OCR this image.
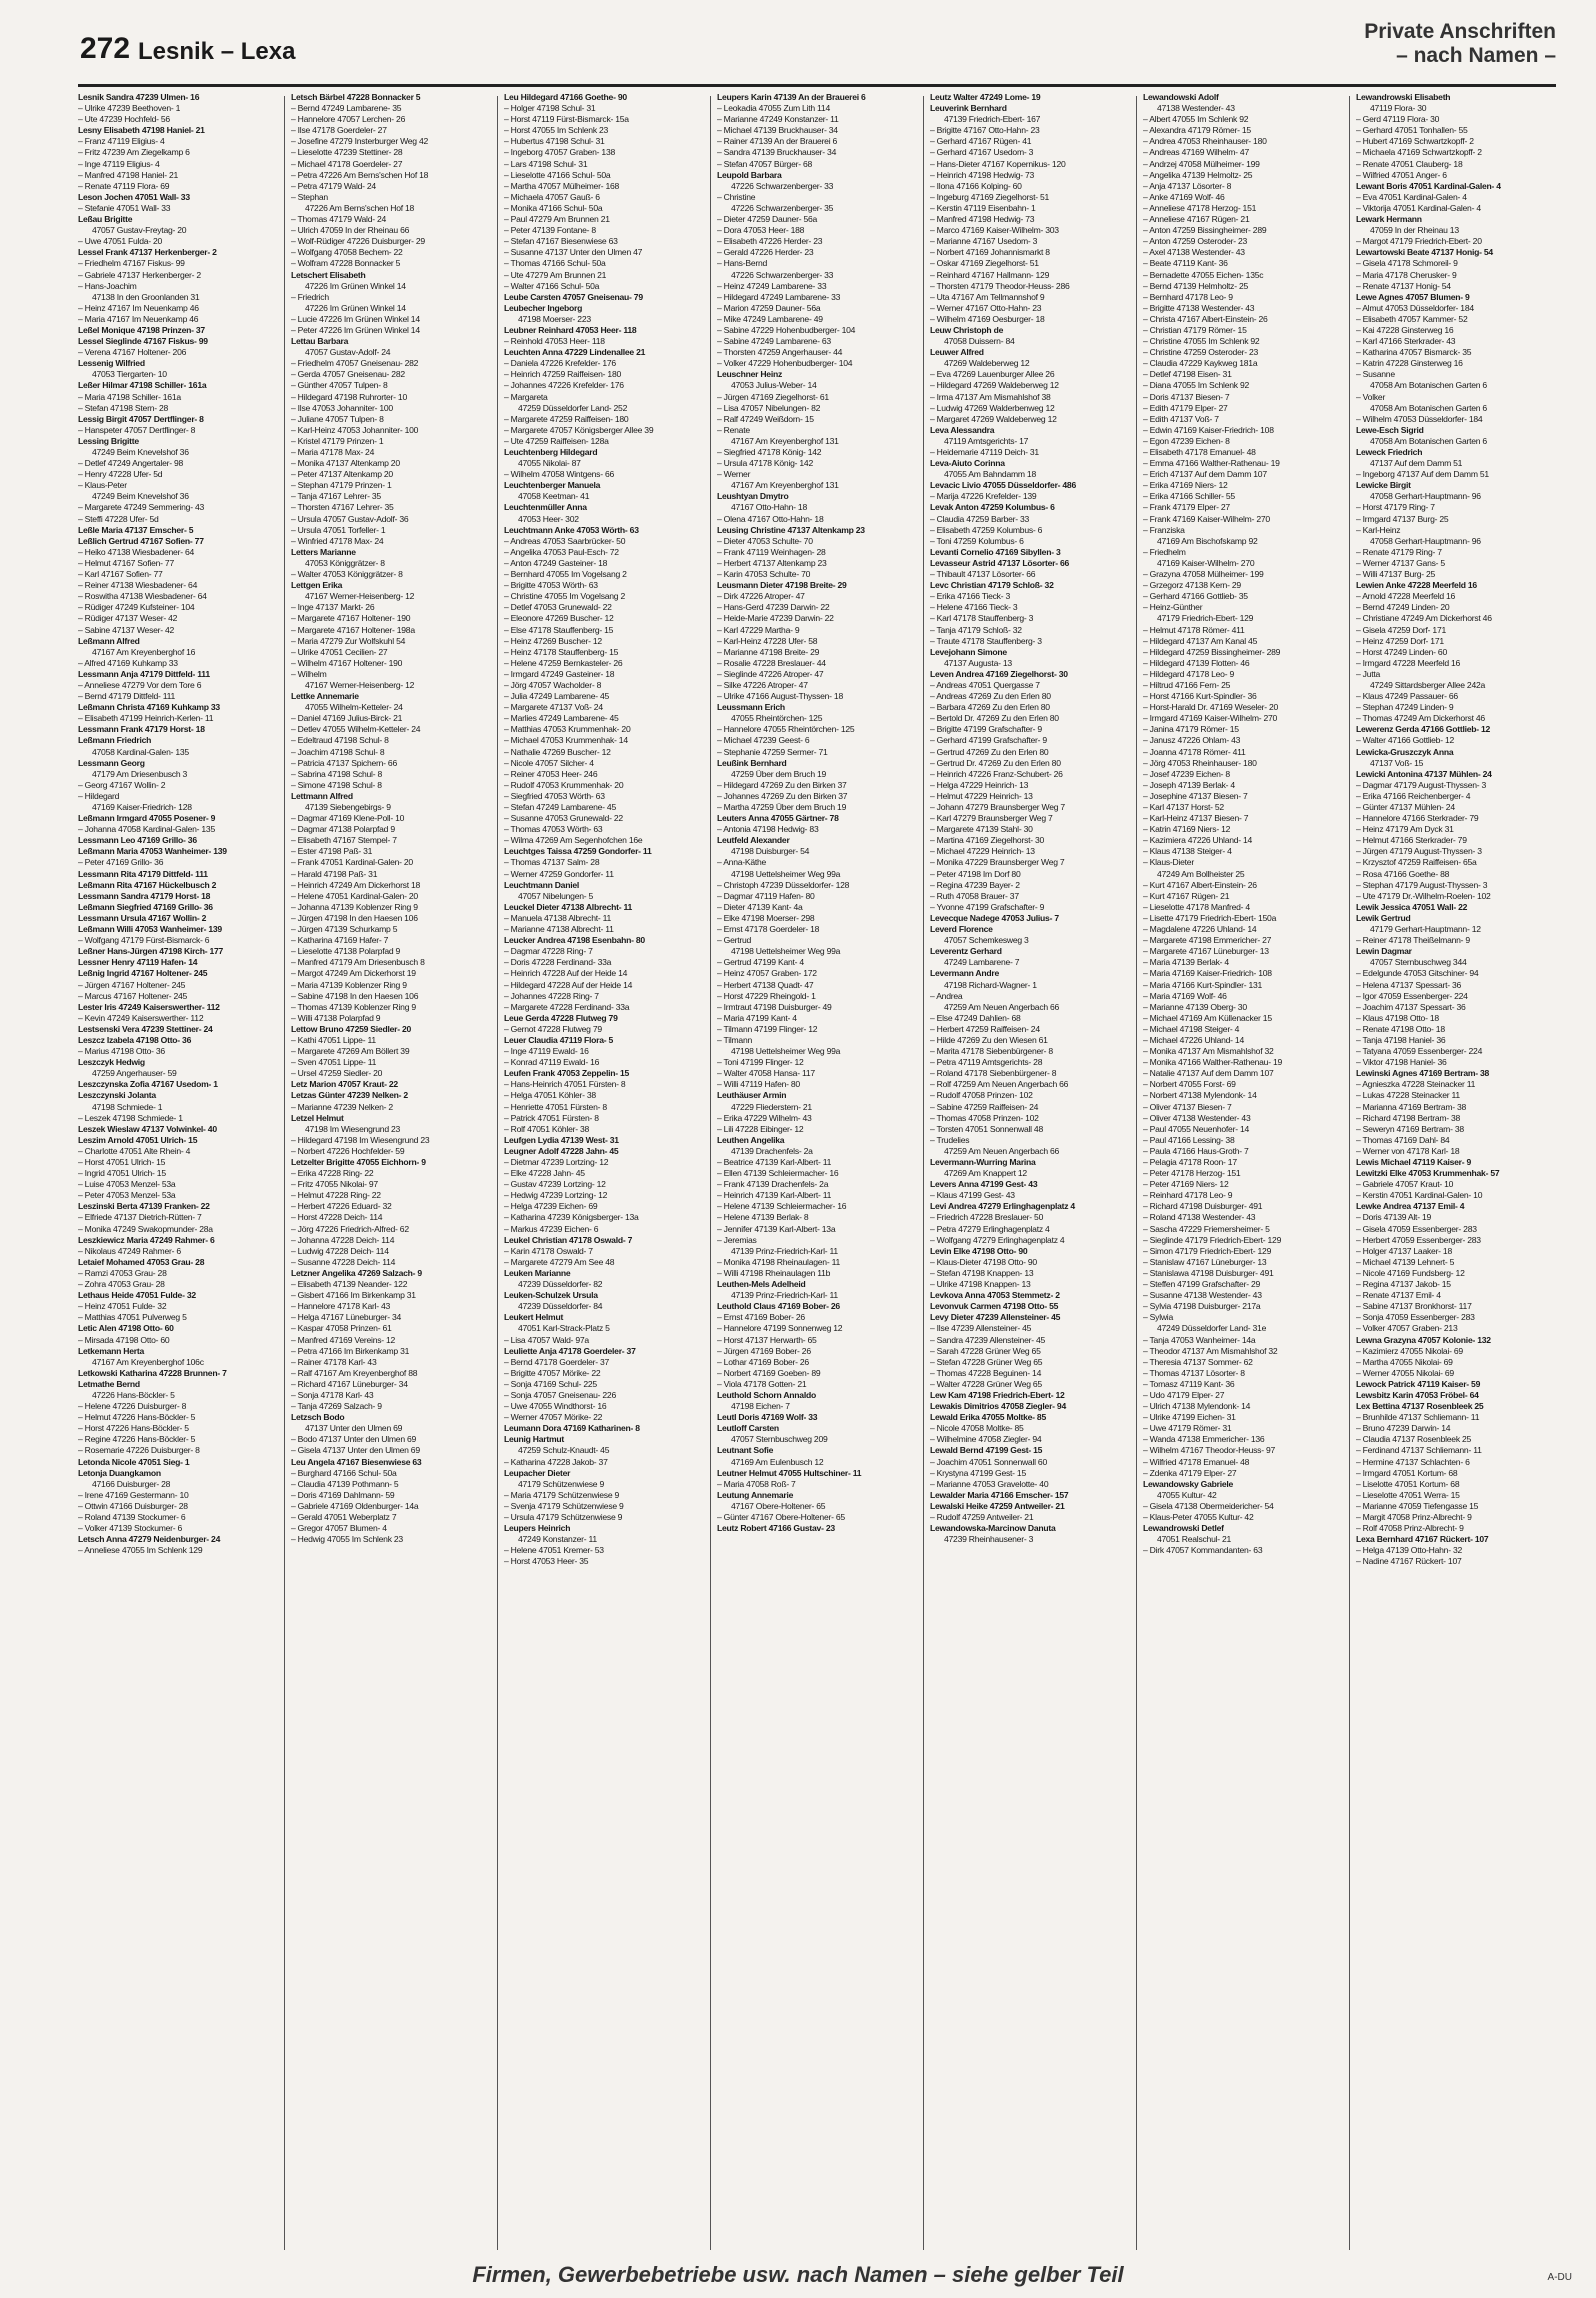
272 Lesnik – Lexa
Private Anschriften
– nach Namen –
Lesnik Sandra 47239 Ulmen- 16
– Ulrike 47239 Beethoven- 1
– Ute 47239 Hochfeld- 56
Lesny Elisabeth 47198 Haniel- 21
– Franz 47119 Eligius- 4
– Fritz 47239 Am Ziegelkamp 6
– Inge 47119 Eligius- 4
– Manfred 47198 Haniel- 21
– Renate 47119 Flora- 69
Leson Jochen 47051 Wall- 33
– Stefanie 47051 Wall- 33
Leßau Brigitte
47057 Gustav-Freytag- 20
– Uwe 47051 Fulda- 20
Lessel Frank 47137 Herkenberger- 2
– Friedhelm 47167 Fiskus- 99
– Gabriele 47137 Herkenberger- 2
– Hans-Joachim
47138 In den Groonlanden 31
– Heinz 47167 Im Neuenkamp 46
– Maria 47167 Im Neuenkamp 46
Leßel Monique 47198 Prinzen- 37
Lessel Sieglinde 47167 Fiskus- 99
– Verena 47167 Holtener- 206
Lessenig Wilfried
47053 Tiergarten- 10
Leßer Hilmar 47198 Schiller- 161a
– Maria 47198 Schiller- 161a
– Stefan 47198 Stern- 28
Lessig Birgit 47057 Dertflinger- 8
– Hanspeter 47057 Dertflinger- 8
Lessing Brigitte
47249 Beim Knevelshof 36
– Detlef 47249 Angertaler- 98
– Henry 47228 Ufer- 5d
– Klaus-Peter
47249 Beim Knevelshof 36
– Margarete 47249 Semmering- 43
– Steffi 47228 Ufer- 5d
Leßle Maria 47137 Emscher- 5
Leßlich Gertrud 47167 Sofien- 77
– Heiko 47138 Wiesbadener- 64
– Helmut 47167 Sofien- 77
– Karl 47167 Sofien- 77
– Reiner 47138 Wiesbadener- 64
– Roswitha 47138 Wiesbadener- 64
– Rüdiger 47249 Kufsteiner- 104
– Rüdiger 47137 Weser- 42
– Sabine 47137 Weser- 42
Leßmann Alfred
47167 Am Kreyenberghof 16
– Alfred 47169 Kuhkamp 33
Lessmann Anja 47179 Dittfeld- 111
– Anneliese 47279 Vor dem Tore 6
– Bernd 47179 Dittfeld- 111
Leßmann Christa 47169 Kuhkamp 33
– Elisabeth 47199 Heinrich-Kerlen- 11
Lessmann Frank 47179 Horst- 18
Leßmann Friedrich
47058 Kardinal-Galen- 135
Lessmann Georg
47179 Am Driesenbusch 3
– Georg 47167 Wollin- 2
– Hildegard
47169 Kaiser-Friedrich- 128
Leßmann Irmgard 47055 Posener- 9
– Johanna 47058 Kardinal-Galen- 135
Lessmann Leo 47169 Grillo- 36
Leßmann Maria 47053 Wanheimer- 139
– Peter 47169 Grillo- 36
Lessmann Rita 47179 Dittfeld- 111
Leßmann Rita 47167 Hückelbusch 2
Lessmann Sandra 47179 Horst- 18
Leßmann Siegfried 47169 Grillo- 36
Lessmann Ursula 47167 Wollin- 2
Leßmann Willi 47053 Wanheimer- 139
– Wolfgang 47179 Fürst-Bismarck- 6
Leßner Hans-Jürgen 47198 Kirch- 177
Lessner Henry 47119 Hafen- 14
Leßnig Ingrid 47167 Holtener- 245
– Jürgen 47167 Holtener- 245
– Marcus 47167 Holtener- 245
Lester Iris 47249 Kaiserswerther- 112
– Kevin 47249 Kaiserswerther- 112
Lestsenski Vera 47239 Stettiner- 24
Leszcz Izabela 47198 Otto- 36
– Marius 47198 Otto- 36
Leszczyk Hedwig
47259 Angerhauser- 59
Leszczynska Zofia 47167 Usedom- 1
Leszczynski Jolanta
47198 Schmiede- 1
– Leszek 47198 Schmiede- 1
Leszek Wieslaw 47137 Volwinkel- 40
Leszim Arnold 47051 Ulrich- 15
– Charlotte 47051 Alte Rhein- 4
– Horst 47051 Ulrich- 15
– Ingrid 47051 Ulrich- 15
– Luise 47053 Menzel- 53a
– Peter 47053 Menzel- 53a
Leszinski Berta 47139 Franken- 22
– Elfriede 47137 Dietrich-Rütten- 7
– Monika 47249 Swakopmunder- 28a
Leszkiewicz Maria 47249 Rahmer- 6
– Nikolaus 47249 Rahmer- 6
Letaief Mohamed 47053 Grau- 28
– Ramzi 47053 Grau- 28
– Zohra 47053 Grau- 28
Lethaus Heide 47051 Fulde- 32
– Heinz 47051 Fulde- 32
– Matthias 47051 Pulverweg 5
Letic Alen 47198 Otto- 60
– Mirsada 47198 Otto- 60
Letkemann Herta
47167 Am Kreyenberghof 106c
Letkowski Katharina 47228 Brunnen- 7
Letmathe Bernd
47226 Hans-Böckler- 5
– Helene 47226 Duisburger- 8
– Helmut 47226 Hans-Böckler- 5
– Horst 47226 Hans-Böckler- 5
– Regine 47226 Hans-Böckler- 5
– Rosemarie 47226 Duisburger- 8
Letonda Nicole 47051 Sieg- 1
Letonja Duangkamon
47166 Duisburger- 28
– Irene 47169 Gestermann- 10
– Ottwin 47166 Duisburger- 28
– Roland 47139 Stockumer- 6
– Volker 47139 Stockumer- 6
Letsch Anna 47279 Neidenburger- 24
– Anneliese 47055 Im Schlenk 129
Letsch Bärbel 47228 Bonnacker 5
– Bernd 47249 Lambarene- 35
– Hannelore 47057 Lerchen- 26
– Ilse 47178 Goerdeler- 27
– Josefine 47279 Insterburger Weg 42
– Lieselotte 47239 Stettiner- 28
– Michael 47178 Goerdeler- 27
– Petra 47226 Am Berns'schen Hof 18
– Petra 47179 Wald- 24
– Stephan
47226 Am Berns'schen Hof 18
– Thomas 47179 Wald- 24
– Ulrich 47059 In der Rheinau 66
– Wolf-Rüdiger 47226 Duisburger- 29
– Wolfgang 47058 Bechem- 22
– Wolfram 47228 Bonnacker 5
Letschert Elisabeth
47226 Im Grünen Winkel 14
– Friedrich
47226 Im Grünen Winkel 14
– Lucie 47226 Im Grünen Winkel 14
– Peter 47226 Im Grünen Winkel 14
Lettau Barbara
47057 Gustav-Adolf- 24
– Friedhelm 47057 Gneisenau- 282
– Gerda 47057 Gneisenau- 282
– Günther 47057 Tulpen- 8
– Hildegard 47198 Ruhrorter- 10
– Ilse 47053 Johanniter- 100
– Juliane 47057 Tulpen- 8
– Karl-Heinz 47053 Johanniter- 100
– Kristel 47179 Prinzen- 1
– Maria 47178 Max- 24
– Monika 47137 Altenkamp 20
– Peter 47137 Altenkamp 20
– Stephan 47179 Prinzen- 1
– Tanja 47167 Lehrer- 35
– Thorsten 47167 Lehrer- 35
– Ursula 47057 Gustav-Adolf- 36
– Ursula 47051 Torfeller- 1
– Winfried 47178 Max- 24
Letters Marianne
47053 Königgrätzer- 8
– Walter 47053 Königgrätzer- 8
Lettgen Erika
47167 Werner-Heisenberg- 12
– Inge 47137 Markt- 26
– Margarete 47167 Holtener- 190
– Margarete 47167 Holtener- 198a
– Maria 47279 Zur Wolfskuhl 54
– Ulrike 47051 Cecilien- 27
– Wilhelm 47167 Holtener- 190
– Wilhelm
47167 Werner-Heisenberg- 12
Lettke Annemarie
47055 Wilhelm-Ketteler- 24
– Daniel 47169 Julius-Birck- 21
– Detlev 47055 Wilhelm-Ketteler- 24
– Edeltraud 47198 Schul- 8
– Joachim 47198 Schul- 8
– Patricia 47137 Spichern- 66
– Sabrina 47198 Schul- 8
– Simone 47198 Schul- 8
Lettmann Alfred
47139 Siebengebirgs- 9
– Dagmar 47169 Klene-Poll- 10
– Dagmar 47138 Polarpfad 9
– Elisabeth 47167 Stempel- 7
– Ester 47198 Paß- 31
– Frank 47051 Kardinal-Galen- 20
– Harald 47198 Paß- 31
– Heinrich 47249 Am Dickerhorst 18
– Helene 47051 Kardinal-Galen- 20
– Johanna 47139 Koblenzer Ring 9
– Jürgen 47198 In den Haesen 106
– Jürgen 47139 Schurkamp 5
– Katharina 47169 Hafer- 7
– Lieselotte 47138 Polarpfad 9
– Manfred 47179 Am Driesenbusch 8
– Margot 47249 Am Dickerhorst 19
– Maria 47139 Koblenzer Ring 9
– Sabine 47198 In den Haesen 106
– Thomas 47139 Koblenzer Ring 9
– Willi 47138 Polarpfad 9
Lettow Bruno 47259 Siedler- 20
– Kathi 47051 Lippe- 11
– Margarete 47269 Am Böllert 39
– Sven 47051 Lippe- 11
– Ursel 47259 Siedler- 20
Letz Marion 47057 Kraut- 22
Letzas Günter 47239 Nelken- 2
– Marianne 47239 Nelken- 2
Letzel Helmut
47198 Im Wiesengrund 23
– Hildegard 47198 Im Wiesengrund 23
– Norbert 47226 Hochfelder- 59
Letzelter Brigitte 47055 Eichhorn- 9
– Erika 47228 Ring- 22
– Fritz 47055 Nikolai- 97
– Helmut 47228 Ring- 22
– Herbert 47226 Eduard- 32
– Horst 47228 Deich- 114
– Jörg 47226 Friedrich-Alfred- 62
– Johanna 47228 Deich- 114
– Ludwig 47228 Deich- 114
– Susanne 47228 Deich- 114
Letzner Angelika 47269 Salzach- 9
– Elisabeth 47139 Neander- 122
– Gisbert 47166 Im Birkenkamp 31
– Hannelore 47178 Karl- 43
– Helga 47167 Lüneburger- 34
– Kaspar 47058 Prinzen- 61
– Manfred 47169 Vereins- 12
– Petra 47166 Im Birkenkamp 31
– Rainer 47178 Karl- 43
– Ralf 47167 Am Kreyenberghof 88
– Richard 47167 Lüneburger- 34
– Sonja 47178 Karl- 43
– Tanja 47269 Salzach- 9
Letzsch Bodo
47137 Unter den Ulmen 69
– Bodo 47137 Unter den Ulmen 69
– Gisela 47137 Unter den Ulmen 69
Leu Angela 47167 Biesenwiese 63
– Burghard 47166 Schul- 50a
– Claudia 47139 Pothmann- 5
– Doris 47169 Dahlmann- 59
– Gabriele 47169 Oldenburger- 14a
– Gerald 47051 Weberplatz 7
– Gregor 47057 Blumen- 4
– Hedwig 47055 Im Schlenk 23
Leu Hildegard 47166 Goethe- 90
– Holger 47198 Schul- 31
– Horst 47119 Fürst-Bismarck- 15a
– Horst 47055 Im Schlenk 23
– Hubertus 47198 Schul- 31
– Ingeborg 47057 Graben- 138
– Lars 47198 Schul- 31
– Lieselotte 47166 Schul- 50a
– Martha 47057 Mülheimer- 168
– Michaela 47057 Gauß- 6
– Monika 47166 Schul- 50a
– Paul 47279 Am Brunnen 21
– Peter 47139 Fontane- 8
– Stefan 47167 Biesenwiese 63
– Susanne 47137 Unter den Ulmen 47
– Thomas 47166 Schul- 50a
– Ute 47279 Am Brunnen 21
– Walter 47166 Schul- 50a
Leube Carsten 47057 Gneisenau- 79
Leubecher Ingeborg
47198 Moerser- 223
Leubner Reinhard 47053 Heer- 118
– Reinhold 47053 Heer- 118
Leuchten Anna 47229 Lindenallee 21
– Daniela 47226 Krefelder- 176
– Heinrich 47259 Raiffeisen- 180
– Johannes 47226 Krefelder- 176
– Margareta
47259 Düsseldorfer Land- 252
– Margarete 47259 Raiffeisen- 180
– Margarete 47057 Königsberger Allee 39
– Ute 47259 Raiffeisen- 128a
Leuchtenberg Hildegard
47055 Nikolai- 87
– Wilhelm 47058 Wintgens- 66
Leuchtenberger Manuela
47058 Keetman- 41
Leuchtenmüller Anna
47053 Heer- 302
Leuchtmann Anke 47053 Wörth- 63
– Andreas 47053 Saarbrücker- 50
– Angelika 47053 Paul-Esch- 72
– Anton 47249 Gasteiner- 18
– Bernhard 47055 Im Vogelsang 2
– Brigitte 47053 Wörth- 63
– Christine 47055 Im Vogelsang 2
– Detlef 47053 Grunewald- 22
– Eleonore 47269 Buscher- 12
– Else 47178 Stauffenberg- 15
– Heinz 47269 Buscher- 12
– Heinz 47178 Stauffenberg- 15
– Helene 47259 Bernkasteler- 26
– Irmgard 47249 Gasteiner- 18
– Jörg 47057 Wacholder- 8
– Julia 47249 Lambarene- 45
– Margarete 47137 Voß- 24
– Marlies 47249 Lambarene- 45
– Matthias 47053 Krummenhak- 20
– Michael 47053 Krummenhak- 14
– Nathalie 47269 Buscher- 12
– Nicole 47057 Silcher- 4
– Reiner 47053 Heer- 246
– Rudolf 47053 Krummenhak- 20
– Siegfried 47053 Wörth- 63
– Stefan 47249 Lambarene- 45
– Susanne 47053 Grunewald- 22
– Thomas 47053 Wörth- 63
– Wilma 47269 Am Segenhofchen 16e
Leuchtges Taissa 47259 Gondorfer- 11
– Thomas 47137 Salm- 28
– Werner 47259 Gondorfer- 11
Leuchtmann Daniel
47057 Nibelungen- 5
Leuckel Dieter 47138 Albrecht- 11
– Manuela 47138 Albrecht- 11
– Marianne 47138 Albrecht- 11
Leucker Andrea 47198 Esenbahn- 80
– Dagmar 47228 Ring- 7
– Doris 47228 Ferdinand- 33a
– Heinrich 47228 Auf der Heide 14
– Hildegard 47228 Auf der Heide 14
– Johannes 47228 Ring- 7
– Margarete 47228 Ferdinand- 33a
Leue Gerda 47228 Flutweg 79
– Gernot 47228 Flutweg 79
Leuer Claudia 47119 Flora- 5
– Inge 47119 Ewald- 16
– Konrad 47119 Ewald- 16
Leufen Frank 47053 Zeppelin- 15
– Hans-Heinrich 47051 Fürsten- 8
– Helga 47051 Köhler- 38
– Henriette 47051 Fürsten- 8
– Patrick 47051 Fürsten- 8
– Rolf 47051 Köhler- 38
Leufgen Lydia 47139 West- 31
Leugner Adolf 47228 Jahn- 45
– Dietmar 47239 Lortzing- 12
– Elke 47228 Jahn- 45
– Gustav 47239 Lortzing- 12
– Hedwig 47239 Lortzing- 12
– Helga 47239 Eichen- 69
– Katharina 47239 Königsberger- 13a
– Markus 47239 Eichen- 6
Leukel Christian 47178 Oswald- 7
– Karin 47178 Oswald- 7
– Margarete 47279 Am See 48
Leuken Marianne
47239 Düsseldorfer- 82
Leuken-Schulzek Ursula
47239 Düsseldorfer- 84
Leukert Helmut
47051 Karl-Strack-Platz 5
– Lisa 47057 Wald- 97a
Leuliette Anja 47178 Goerdeler- 37
– Bernd 47178 Goerdeler- 37
– Brigitte 47057 Mörike- 22
– Sonja 47169 Schul- 225
– Sonja 47057 Gneisenau- 226
– Uwe 47055 Windthorst- 16
– Werner 47057 Mörike- 22
Leumann Dora 47169 Katharinen- 8
Leunig Hartmut
47259 Schulz-Knaudt- 45
– Katharina 47228 Jakob- 37
Leupacher Dieter
47179 Schützenwiese 9
– Maria 47179 Schützenwiese 9
– Svenja 47179 Schützenwiese 9
– Ursula 47179 Schützenwiese 9
Leupers Heinrich
47249 Konstanzer- 11
– Helene 47051 Kremer- 53
– Horst 47053 Heer- 35
Leupers Karin 47139 An der Brauerei 6
– Leokadia 47055 Zum Lith 114
– Marianne 47249 Konstanzer- 11
– Michael 47139 Bruckhauser- 34
– Rainer 47139 An der Brauerei 6
– Sandra 47139 Bruckhauser- 34
– Stefan 47057 Bürger- 68
Leupold Barbara
47226 Schwarzenberger- 33
– Christine
47226 Schwarzenberger- 35
– Dieter 47259 Dauner- 56a
– Dora 47053 Heer- 188
– Elisabeth 47226 Herder- 23
– Gerald 47226 Herder- 23
– Hans-Bernd
47226 Schwarzenberger- 33
– Heinz 47249 Lambarene- 33
– Hildegard 47249 Lambarene- 33
– Marion 47259 Dauner- 56a
– Mike 47249 Lambarene- 49
– Sabine 47229 Hohenbudberger- 104
– Sabine 47249 Lambarene- 63
– Thorsten 47259 Angerhauser- 44
– Volker 47229 Hohenbudberger- 104
Leuschner Heinz
47053 Julius-Weber- 14
– Jürgen 47169 Ziegelhorst- 61
– Lisa 47057 Nibelungen- 82
– Ralf 47249 Weißdorn- 15
– Renate
47167 Am Kreyenberghof 131
– Siegfried 47178 König- 142
– Ursula 47178 König- 142
– Werner
47167 Am Kreyenberghof 131
Leushtyan Dmytro
47167 Otto-Hahn- 18
– Olena 47167 Otto-Hahn- 18
Leusing Christine 47137 Altenkamp 23
– Dieter 47053 Schulte- 70
– Frank 47119 Weinhagen- 28
– Herbert 47137 Altenkamp 23
– Karin 47053 Schulte- 70
Leusmann Dieter 47198 Breite- 29
– Dirk 47226 Atroper- 47
– Hans-Gerd 47239 Darwin- 22
– Heide-Marie 47239 Darwin- 22
– Karl 47229 Martha- 9
– Karl-Heinz 47228 Ufer- 58
– Marianne 47198 Breite- 29
– Rosalie 47228 Breslauer- 44
– Sieglinde 47226 Atroper- 47
– Silke 47226 Atroper- 47
– Ulrike 47166 August-Thyssen- 18
Leussmann Erich
47055 Rheintörchen- 125
– Hannelore 47055 Rheintörchen- 125
– Michael 47239 Geest- 6
– Stephanie 47259 Sermer- 71
Leußink Bernhard
47259 Über dem Bruch 19
– Hildegard 47269 Zu den Birken 37
– Johannes 47269 Zu den Birken 37
– Martha 47259 Über dem Bruch 19
Leuters Anna 47055 Gärtner- 78
– Antonia 47198 Hedwig- 83
Leutfeld Alexander
47198 Duisburger- 54
– Anna-Käthe
47198 Uettelsheimer Weg 99a
– Christoph 47239 Düsseldorfer- 128
– Dagmar 47119 Hafen- 80
– Dieter 47139 Kant- 4a
– Elke 47198 Moerser- 298
– Ernst 47178 Goerdeler- 18
– Gertrud
47198 Uettelsheimer Weg 99a
– Gertrud 47199 Kant- 4
– Heinz 47057 Graben- 172
– Herbert 47138 Quadt- 47
– Horst 47229 Rheingold- 1
– Irmtraut 47198 Duisburger- 49
– Maria 47199 Kant- 4
– Tilmann 47199 Flinger- 12
– Tilmann
47198 Uettelsheimer Weg 99a
– Toni 47199 Flinger- 12
– Walter 47058 Hansa- 117
– Willi 47119 Hafen- 80
Leuthäuser Armin
47229 Fliederstern- 21
– Erika 47229 Wilhelm- 43
– Lili 47228 Eibinger- 12
Leuthen Angelika
47139 Drachenfels- 2a
– Beatrice 47139 Karl-Albert- 11
– Ellen 47139 Schleiermacher- 16
– Frank 47139 Drachenfels- 2a
– Heinrich 47139 Karl-Albert- 11
– Helene 47139 Schleiermacher- 16
– Helene 47139 Berlak- 8
– Jennifer 47139 Karl-Albert- 13a
– Jeremias
47139 Prinz-Friedrich-Karl- 11
– Monika 47198 Rheinaulagen- 11
– Willi 47198 Rheinaulagen 11b
Leuthen-Mels Adelheid
47139 Prinz-Friedrich-Karl- 11
Leuthold Claus 47169 Bober- 26
– Ernst 47169 Bober- 26
– Hannelore 47199 Sonnenweg 12
– Horst 47137 Herwarth- 65
– Jürgen 47169 Bober- 26
– Lothar 47169 Bober- 26
– Norbert 47169 Goeben- 89
– Viola 47178 Gotten- 21
Leuthold Schorn Annaldo
47198 Eichen- 7
Leutl Doris 47169 Wolf- 33
Leutloff Carsten
47057 Sternbuschweg 209
Leutnant Sofie
47169 Am Eulenbusch 12
Leutner Helmut 47055 Hultschiner- 11
– Maria 47058 Roß- 7
Leutung Annemarie
47167 Obere-Holtener- 65
– Günter 47167 Obere-Holtener- 65
Leutz Robert 47166 Gustav- 23
Leutz Walter 47249 Lome- 19
Leuverink Bernhard
47139 Friedrich-Ebert- 167
– Brigitte 47167 Otto-Hahn- 23
– Gerhard 47167 Rügen- 41
– Gerhard 47167 Usedom- 3
– Hans-Dieter 47167 Kopernikus- 120
– Heinrich 47198 Hedwig- 73
– Ilona 47166 Kolping- 60
– Ingeburg 47169 Ziegelhorst- 51
– Kerstin 47119 Eisenbahn- 1
– Manfred 47198 Hedwig- 73
– Marco 47169 Kaiser-Wilhelm- 303
– Marianne 47167 Usedom- 3
– Norbert 47169 Johannismarkt 8
– Oskar 47169 Ziegelhorst- 51
– Reinhard 47167 Hallmann- 129
– Thorsten 47179 Theodor-Heuss- 286
– Uta 47167 Am Tellmannshof 9
– Werner 47167 Otto-Hahn- 23
– Wilhelm 47169 Oesburger- 18
Leuw Christoph de
47058 Duissern- 84
Leuwer Alfred
47269 Waldeberweg 12
– Eva 47269 Lauenburger Allee 26
– Hildegard 47269 Waldeberweg 12
– Irma 47137 Am Mismahlshof 38
– Ludwig 47269 Walderbenweg 12
– Margaret 47269 Waldeberweg 12
Leva Alessandra
47119 Amtsgerichts- 17
– Heidemarie 47119 Deich- 31
Leva-Aiuto Corinna
47055 Am Bahndamm 18
Levacic Livio 47055 Düsseldorfer- 486
– Marija 47226 Krefelder- 139
Levak Anton 47259 Kolumbus- 6
– Claudia 47259 Barber- 33
– Elisabeth 47259 Kolumbus- 6
– Toni 47259 Kolumbus- 6
Levanti Cornelio 47169 Sibyllen- 3
Levasseur Astrid 47137 Lösorter- 66
– Thibault 47137 Lösorter- 66
Levc Christian 47179 Schloß- 32
– Erika 47166 Tieck- 3
– Helene 47166 Tieck- 3
– Karl 47178 Stauffenberg- 3
– Tanja 47179 Schloß- 32
– Traute 47178 Stauffenberg- 3
Levejohann Simone
47137 Augusta- 13
Leven Andrea 47169 Ziegelhorst- 30
– Andreas 47051 Quergasse 7
– Andreas 47269 Zu den Erlen 80
– Barbara 47269 Zu den Erlen 80
– Bertold Dr. 47269 Zu den Erlen 80
– Brigitte 47199 Grafschafter- 9
– Gerhard 47199 Grafschafter- 9
– Gertrud 47269 Zu den Erlen 80
– Gertrud Dr. 47269 Zu den Erlen 80
– Heinrich 47226 Franz-Schubert- 26
– Helga 47229 Heinrich- 13
– Helmut 47229 Heinrich- 13
– Johann 47279 Braunsberger Weg 7
– Karl 47279 Braunsberger Weg 7
– Margarete 47139 Stahl- 30
– Martina 47169 Ziegelhorst- 30
– Michael 47229 Heinrich- 13
– Monika 47229 Braunsberger Weg 7
– Peter 47198 Im Dorf 80
– Regina 47239 Bayer- 2
– Ruth 47058 Brauer- 37
– Yvonne 47199 Grafschafter- 9
Levecque Nadege 47053 Julius- 7
Leverd Florence
47057 Schemkesweg 3
Leverentz Gerhard
47249 Lambarene- 7
Levermann Andre
47198 Richard-Wagner- 1
– Andrea
47259 Am Neuen Angerbach 66
– Else 47249 Dahlien- 68
– Herbert 47259 Raiffeisen- 24
– Hilde 47269 Zu den Wiesen 61
– Marita 47178 Siebenbürgener- 8
– Petra 47119 Amtsgerichts- 28
– Roland 47178 Siebenbürgener- 8
– Rolf 47259 Am Neuen Angerbach 66
– Rudolf 47058 Prinzen- 102
– Sabine 47259 Raiffeisen- 24
– Thomas 47058 Prinzen- 102
– Torsten 47051 Sonnenwall 48
– Trudelies
47259 Am Neuen Angerbach 66
Levermann-Wurring Marina
47269 Am Knappert 12
Levers Anna 47199 Gest- 43
– Klaus 47199 Gest- 43
Levi Andrea 47279 Erlinghagenplatz 4
– Friedrich 47228 Breslauer- 50
– Petra 47279 Erlinghagenplatz 4
– Wolfgang 47279 Erlinghagenplatz 4
Levin Elke 47198 Otto- 90
– Klaus-Dieter 47198 Otto- 90
– Stefan 47198 Knappen- 13
– Ulrike 47198 Knappen- 13
Levkova Anna 47053 Stemmetz- 2
Levonvuk Carmen 47198 Otto- 55
Levy Dieter 47239 Allensteiner- 45
– Ilse 47239 Allensteiner- 45
– Sandra 47239 Allensteiner- 45
– Sarah 47228 Grüner Weg 65
– Stefan 47228 Grüner Weg 65
– Thomas 47228 Beguinen- 14
– Walter 47228 Grüner Weg 65
Lew Kam 47198 Friedrich-Ebert- 12
Lewakis Dimitrios 47058 Ziegler- 94
Lewald Erika 47055 Moltke- 85
– Nicole 47058 Moltke- 85
– Wilhelmine 47058 Ziegler- 94
Lewald Bernd 47199 Gest- 15
– Joachim 47051 Sonnenwall 60
– Krystyna 47199 Gest- 15
– Marianne 47053 Gravelotte- 40
Lewalder Maria 47166 Emscher- 157
Lewalski Heike 47259 Antweiler- 21
– Rudolf 47259 Antweiler- 21
Lewandowska-Marcinow Danuta
47239 Rheinhausener- 3
Lewandowski Adolf
47138 Westender- 43
– Albert 47055 Im Schlenk 92
– Alexandra 47179 Römer- 15
– Andrea 47053 Rheinhauser- 180
– Andreas 47169 Wilhelm- 47
– Andrzej 47058 Mülheimer- 199
– Angelika 47139 Helmoltz- 25
– Anja 47137 Lösorter- 8
– Anke 47169 Wolf- 46
– Anneliese 47178 Herzog- 151
– Anneliese 47167 Rügen- 21
– Anton 47259 Bissingheimer- 289
– Anton 47259 Osteroder- 23
– Axel 47138 Westender- 43
– Beate 47119 Kant- 36
– Bernadette 47055 Eichen- 135c
– Bernd 47139 Helmholtz- 25
– Bernhard 47178 Leo- 9
– Brigitte 47138 Westender- 43
– Christa 47167 Albert-Einstein- 26
– Christian 47179 Römer- 15
– Christine 47055 Im Schlenk 92
– Christine 47259 Osteroder- 23
– Claudia 47229 Kaykweg 181a
– Detlef 47198 Eisen- 31
– Diana 47055 Im Schlenk 92
– Doris 47137 Biesen- 7
– Edith 47179 Elper- 27
– Edith 47137 Voß- 7
– Edwin 47169 Kaiser-Friedrich- 108
– Egon 47239 Eichen- 8
– Elisabeth 47178 Emanuel- 48
– Emma 47166 Walther-Rathenau- 19
– Erich 47137 Auf dem Damm 107
– Erika 47169 Niers- 12
– Erika 47166 Schiller- 55
– Frank 47179 Elper- 27
– Frank 47169 Kaiser-Wilhelm- 270
– Franziska
47169 Am Bischofskamp 92
– Friedhelm
47169 Kaiser-Wilhelm- 270
– Grazyna 47058 Mülheimer- 199
– Grzegorz 47138 Kern- 29
– Gerhard 47166 Gottlieb- 35
– Heinz-Günther
47179 Friedrich-Ebert- 129
– Helmut 47178 Römer- 411
– Hildegard 47137 Am Kanal 45
– Hildegard 47259 Bissingheimer- 289
– Hildegard 47139 Flotten- 46
– Hildegard 47178 Leo- 9
– Hiltrud 47166 Fern- 25
– Horst 47166 Kurt-Spindler- 36
– Horst-Harald Dr. 47169 Weseler- 20
– Irmgard 47169 Kaiser-Wilhelm- 270
– Janina 47179 Römer- 15
– Janusz 47226 Ohlam- 43
– Joanna 47178 Römer- 411
– Jörg 47053 Rheinhauser- 180
– Josef 47239 Eichen- 8
– Joseph 47139 Berlak- 4
– Josephine 47137 Biesen- 7
– Karl 47137 Horst- 52
– Karl-Heinz 47137 Biesen- 7
– Katrin 47169 Niers- 12
– Kazimiera 47226 Uhland- 14
– Klaus 47138 Steiger- 4
– Klaus-Dieter
47249 Am Bollheister 25
– Kurt 47167 Albert-Einstein- 26
– Kurt 47167 Rügen- 21
– Lieselotte 47178 Manfred- 4
– Lisette 47179 Friedrich-Ebert- 150a
– Magdalene 47226 Uhland- 14
– Margarete 47198 Emmericher- 27
– Margarete 47167 Lüneburger- 13
– Maria 47139 Berlak- 4
– Maria 47169 Kaiser-Friedrich- 108
– Maria 47166 Kurt-Spindler- 131
– Maria 47169 Wolf- 46
– Marianne 47139 Oberg- 30
– Michael 47169 Am Küllenacker 15
– Michael 47198 Steiger- 4
– Michael 47226 Uhland- 14
– Monika 47137 Am Mismahlshof 32
– Monika 47166 Walther-Rathenau- 19
– Natalie 47137 Auf dem Damm 107
– Norbert 47055 Forst- 69
– Norbert 47138 Mylendonk- 14
– Oliver 47137 Biesen- 7
– Oliver 47138 Westender- 43
– Paul 47055 Neuenhofer- 14
– Paul 47166 Lessing- 38
– Paula 47166 Haus-Groth- 7
– Pelagia 47178 Roon- 17
– Peter 47178 Herzog- 151
– Peter 47169 Niers- 12
– Reinhard 47178 Leo- 9
– Richard 47198 Duisburger- 491
– Roland 47138 Westender- 43
– Sascha 47229 Friemersheimer- 5
– Sieglinde 47179 Friedrich-Ebert- 129
– Simon 47179 Friedrich-Ebert- 129
– Stanislaw 47167 Lüneburger- 13
– Stanislawa 47198 Duisburger- 491
– Steffen 47199 Grafschafter- 29
– Susanne 47138 Westender- 43
– Sylvia 47198 Duisburger- 217a
– Sylwia
47249 Düsseldorfer Land- 31e
– Tanja 47053 Wanheimer- 14a
– Theodor 47137 Am Mismahlshof 32
– Theresia 47137 Sommer- 62
– Thomas 47137 Lösorter- 8
– Tomasz 47119 Kant- 36
– Udo 47179 Elper- 27
– Ulrich 47138 Mylendonk- 14
– Ulrike 47199 Eichen- 31
– Uwe 47179 Römer- 31
– Wanda 47138 Emmericher- 136
– Wilhelm 47167 Theodor-Heuss- 97
– Wilfried 47178 Emanuel- 48
– Zdenka 47179 Elper- 27
Lewandowsky Gabriele
47055 Kultur- 42
– Gisela 47138 Obermeidericher- 54
– Klaus-Peter 47055 Kultur- 42
Lewandrowski Detlef
47051 Realschul- 21
– Dirk 47057 Kommandanten- 63
Lewandrowski Elisabeth
47119 Flora- 30
– Gerd 47119 Flora- 30
– Gerhard 47051 Tonhallen- 55
– Hubert 47169 Schwartzkopff- 2
– Michaela 47169 Schwartzkopff- 2
– Renate 47051 Clauberg- 18
– Wilfried 47051 Anger- 6
Lewant Boris 47051 Kardinal-Galen- 4
– Eva 47051 Kardinal-Galen- 4
– Viktorija 47051 Kardinal-Galen- 4
Lewark Hermann
47059 In der Rheinau 13
– Margot 47179 Friedrich-Ebert- 20
Lewartowski Beate 47137 Honig- 54
– Gisela 47178 Schmoreil- 9
– Maria 47178 Cherusker- 9
– Renate 47137 Honig- 54
Lewe Agnes 47057 Blumen- 9
– Almut 47053 Düsseldorfer- 184
– Elisabeth 47057 Kammer- 52
– Kai 47228 Ginsterweg 16
– Karl 47166 Sterkrader- 43
– Katharina 47057 Bismarck- 35
– Katrin 47228 Ginsterweg 16
– Susanne
47058 Am Botanischen Garten 6
– Volker
47058 Am Botanischen Garten 6
– Wilhelm 47053 Düsseldorfer- 184
Lewe-Esch Sigrid
47058 Am Botanischen Garten 6
Leweck Friedrich
47137 Auf dem Damm 51
– Ingeborg 47137 Auf dem Damm 51
Lewicke Birgit
47058 Gerhart-Hauptmann- 96
– Horst 47179 Ring- 7
– Irmgard 47137 Burg- 25
– Karl-Heinz
47058 Gerhart-Hauptmann- 96
– Renate 47179 Ring- 7
– Werner 47137 Gans- 5
– Willi 47137 Burg- 25
Lewien Anke 47228 Meerfeld 16
– Arnold 47228 Meerfeld 16
– Bernd 47249 Linden- 20
– Christiane 47249 Am Dickerhorst 46
– Gisela 47259 Dorf- 171
– Heinz 47259 Dorf- 171
– Horst 47249 Linden- 60
– Irmgard 47228 Meerfeld 16
– Jutta
47249 Sittardsberger Allee 242a
– Klaus 47249 Passauer- 66
– Stephan 47249 Linden- 9
– Thomas 47249 Am Dickerhorst 46
Lewerenz Gerda 47166 Gottlieb- 12
– Walter 47166 Gottlieb- 12
Lewicka-Gruszczyk Anna
47137 Voß- 15
Lewicki Antonina 47137 Mühlen- 24
– Dagmar 47179 August-Thyssen- 3
– Erika 47166 Reichenberger- 4
– Günter 47137 Mühlen- 24
– Hannelore 47166 Sterkrader- 79
– Heinz 47179 Am Dyck 31
– Helmut 47166 Sterkrader- 79
– Jürgen 47179 August-Thyssen- 3
– Krzysztof 47259 Raiffeisen- 65a
– Rosa 47166 Goethe- 88
– Stephan 47179 August-Thyssen- 3
– Ute 47179 Dr.-Wilhelm-Roelen- 102
Lewik Jessica 47051 Wall- 22
Lewik Gertrud
47179 Gerhart-Hauptmann- 12
– Reiner 47178 Theißelmann- 9
Lewin Dagmar
47057 Sternbuschweg 344
– Edelgunde 47053 Gitschiner- 94
– Helena 47137 Spessart- 36
– Igor 47059 Essenberger- 224
– Joachim 47137 Spessart- 36
– Klaus 47198 Otto- 18
– Renate 47198 Otto- 18
– Tanja 47198 Haniel- 36
– Tatyana 47059 Essenberger- 224
– Viktor 47198 Haniel- 36
Lewinski Agnes 47169 Bertram- 38
– Agnieszka 47228 Steinacker 11
– Lukas 47228 Steinacker 11
– Marianna 47169 Bertram- 38
– Richard 47198 Bertram- 38
– Seweryn 47169 Bertram- 38
– Thomas 47169 Dahl- 84
– Werner von 47178 Karl- 18
Lewis Michael 47119 Kaiser- 9
Lewitzki Elke 47053 Krummenhak- 57
– Gabriele 47057 Kraut- 10
– Kerstin 47051 Kardinal-Galen- 10
Lewke Andrea 47137 Emil- 4
– Doris 47139 Alt- 19
– Gisela 47059 Essenberger- 283
– Herbert 47059 Essenberger- 283
– Holger 47137 Laaker- 18
– Michael 47139 Lehnert- 5
– Nicole 47169 Fundsberg- 12
– Regina 47137 Jakob- 15
– Renate 47137 Emil- 4
– Sabine 47137 Bronkhorst- 117
– Sonja 47059 Essenberger- 283
– Volker 47057 Graben- 213
Lewna Grazyna 47057 Kolonie- 132
– Kazimierz 47055 Nikolai- 69
– Martha 47055 Nikolai- 69
– Werner 47055 Nikolai- 69
Lewock Patrick 47119 Kaiser- 59
Lewsbitz Karin 47053 Fröbel- 64
Lex Bettina 47137 Rosenbleek 25
– Brunhilde 47137 Schliemann- 11
– Bruno 47239 Darwin- 14
– Claudia 47137 Rosenbleek 25
– Ferdinand 47137 Schliemann- 11
– Hermine 47137 Schlachten- 6
– Irmgard 47051 Kortum- 68
– Liselotte 47051 Kortum- 68
– Lieselotte 47051 Werra- 15
– Marianne 47059 Tiefengasse 15
– Margit 47058 Prinz-Albrecht- 9
– Rolf 47058 Prinz-Albrecht- 9
Lexa Bernhard 47167 Rückert- 107
– Helga 47139 Otto-Hahn- 32
– Nadine 47167 Rückert- 107
Firmen, Gewerbebetriebe usw. nach Namen – siehe gelber Teil	A-DU
